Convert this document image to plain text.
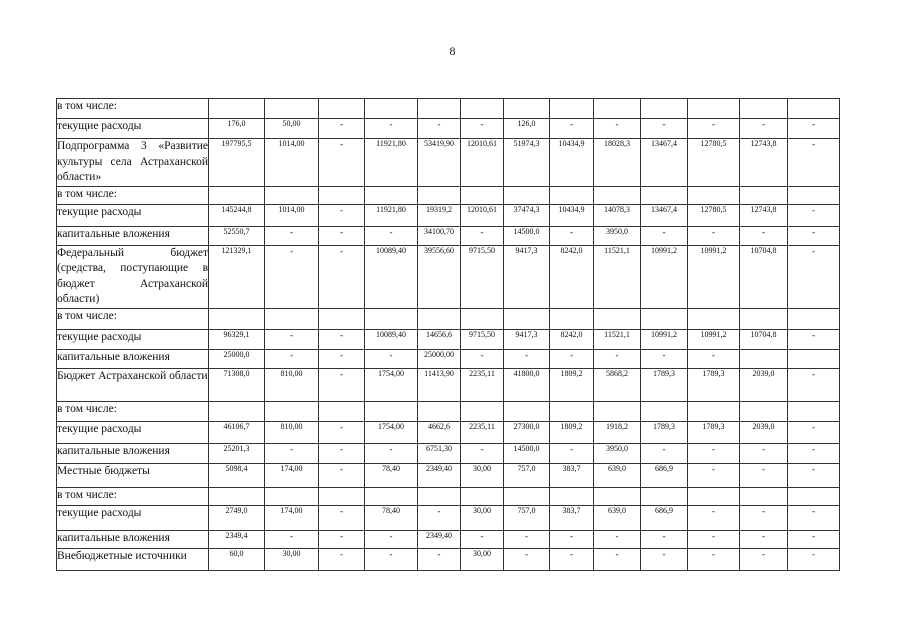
8
в том числе:													
текущие расходы	176,0	50,00	-	-	-	-	126,0	-	-	-	-	-	-
Подпрограмма 3 «Развитие культуры села Астраханской области»	197795,5	1014,00	-	11921,80	53419,90	12010,61	51974,3	10434,9	18028,3	13467,4	12780,5	12743,8	-
в том числе:													
текущие расходы	145244,8	1014,00	-	11921,80	19319,2	12010,61	37474,3	10434,9	14078,3	13467,4	12780,5	12743,8	-
капитальные вложения	52550,7	-	-	-	34100,70	-	14500,0	-	3950,0	-	-	-	-
Федеральный бюджет (средства, поступающие в бюджет Астраханской области)	121329,1	-	-	10089,40	39556,60	9715,50	9417,3	8242,0	11521,1	10991,2	10991,2	10704,8	-
в том числе:													
текущие расходы	96329,1	-	-	10089,40	14656,6	9715,50	9417,3	8242,0	11521,1	10991,2	10991,2	10704,8	-
капитальные вложения	25000,0	-	-	-	25000,00	-	-	-	-	-	-		
Бюджет Астраханской области	71308,0	810,00	-	1754,00	11413,90	2235,11	41800,0	1809,2	5868,2	1789,3	1789,3	2039,0	-
в том числе:													
текущие расходы	46106,7	810,00	-	1754,00	4662,6	2235,11	27300,0	1809,2	1918,2	1789,3	1789,3	2039,0	-
капитальные вложения	25201,3	-	-	-	6751,30	-	14500,0	-	3950,0	-	-	-	-
Местные бюджеты	5098,4	174,00	-	78,40	2349,40	30,00	757,0	383,7	639,0	686,9	-	-	-
в том числе:													
текущие расходы	2749,0	174,00	-	78,40	-	30,00	757,0	383,7	639,0	686,9	-	-	-
капитальные вложения	2349,4	-	-	-	2349,40	-	-	-	-	-	-	-	-
Внебюджетные источники	60,0	30,00	-	-	-	30,00	-	-	-	-	-	-	-
